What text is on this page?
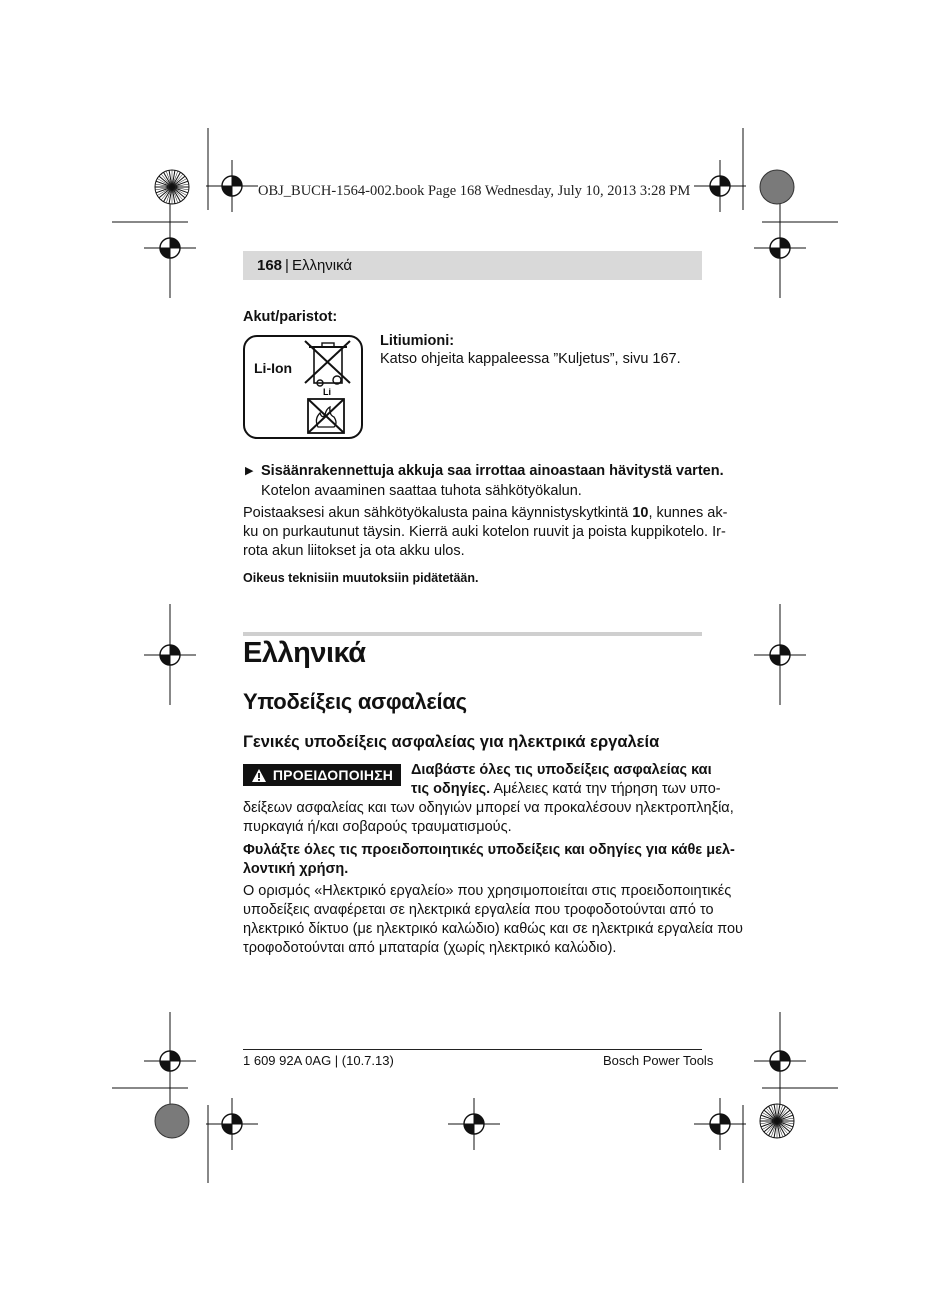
OBJ_BUCH-1564-002.book Page 168 Wednesday, July 10, 2013 3:28 PM
168 | Ελληνικά
Akut/paristot:
Li-Ion
Li
Litiumioni:
Katso ohjeita kappaleessa ”Kuljetus”, sivu 167.
▶ Sisäänrakennettuja akkuja saa irrottaa ainoastaan hävitystä varten.
Kotelon avaaminen saattaa tuhota sähkötyökalun.
Poistaaksesi akun sähkötyökalusta paina käynnistyskytkintä 10, kunnes ak-
ku on purkautunut täysin. Kierrä auki kotelon ruuvit ja poista kuppikotelo. Ir-
rota akun liitokset ja ota akku ulos.
Oikeus teknisiin muutoksiin pidätetään.
Ελληνικά
Υποδείξεις ασφαλείας
Γενικές υποδείξεις ασφαλείας για ηλεκτρικά εργαλεία
ΠΡΟΕΙΔΟΠΟΙΗΣΗ Διαβάστε όλες τις υποδείξεις ασφαλείας και
τις οδηγίες. Αμέλειες κατά την τήρηση των υπο-
δείξεων ασφαλείας και των οδηγιών μπορεί να προκαλέσουν ηλεκτροπληξία,
πυρκαγιά ή/και σοβαρούς τραυματισμούς.
Φυλάξτε όλες τις προειδοποιητικές υποδείξεις και οδηγίες για κάθε μελ-
λοντική χρήση.
Ο ορισμός «Ηλεκτρικό εργαλείο» που χρησιμοποιείται στις προειδοποιητικές
υποδείξεις αναφέρεται σε ηλεκτρικά εργαλεία που τροφοδοτούνται από το
ηλεκτρικό δίκτυο (με ηλεκτρικό καλώδιο) καθώς και σε ηλεκτρικά εργαλεία που
τροφοδοτούνται από μπαταρία (χωρίς ηλεκτρικό καλώδιο).
1 609 92A 0AG | (10.7.13)	Bosch Power Tools
